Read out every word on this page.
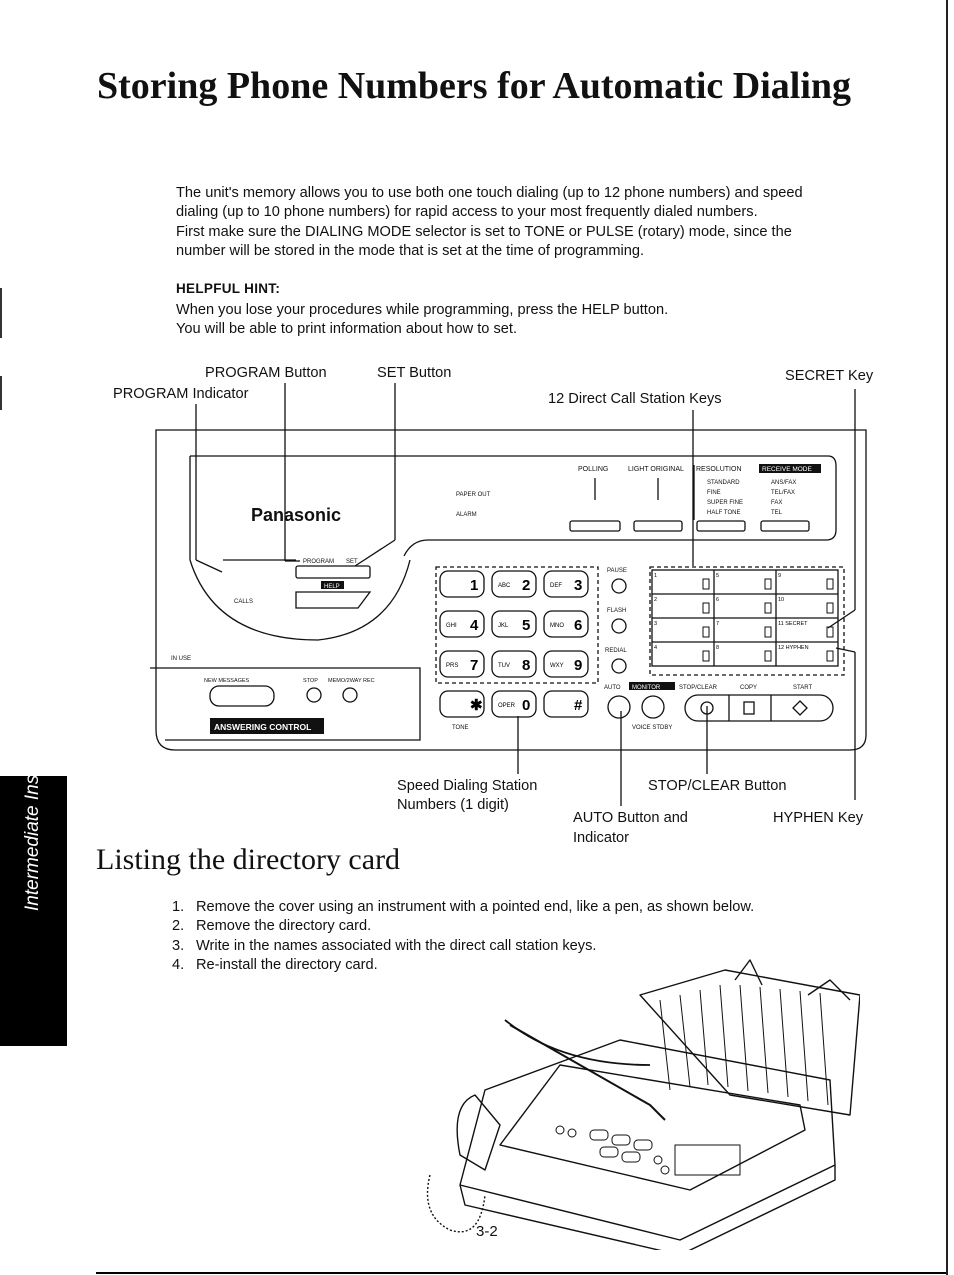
Storing Phone Numbers for Automatic Dialing

The unit's memory allows you to use both one touch dialing (up to 12 phone numbers) and speed
dialing (up to 10 phone numbers) for rapid access to your most frequently dialed numbers.
First make sure the DIALING MODE selector is set to TONE or PULSE (rotary) mode, since the
number will be stored in the mode that is set at the time of programming.

HELPFUL HINT:

When you lose your procedures while programming, press the HELP button.
You will be able to print information about how to set.

PROGRAM Button
PROGRAM Indicator
SET Button
12 Direct Call Station Keys
SECRET Key
Speed Dialing Station
Numbers (1 digit)
STOP/CLEAR Button
AUTO Button and
Indicator
HYPHEN Key
POLLING	LIGHT ORIGINAL RESOLUTION	RECEIVE MODE
STANDARD
FINE
SUPER FINE
HALF TONE
ANS/FAX
TEL/FAX
FAX
TEL
PAPER OUT
ALARM
Panasonic
PROGRAM SET
HELP
CALLS
IN USE
NEW MESSAGES	STOP MEMO/2WAY REC
ANSWERING CONTROL
PAUSE
FLASH
REDIAL
AUTO MONITOR	STOP/CLEAR	COPY	START
TONE	VOICE STDBY
1	ABC 2	DEF 3
GHI 4	JKL 5	MNO 6
PRS 7	TUV 8	WXY 9
✱	OPER 0	#
1	5	9
2	6	10
3	7	11 SECRET
4	8	12 HYPHEN
Listing the directory card
1. Remove the cover using an instrument with a pointed end, like a pen, as shown below.
2. Remove the directory card.
3. Write in the names associated with the direct call station keys.
4. Re-install the directory card.
3-2
